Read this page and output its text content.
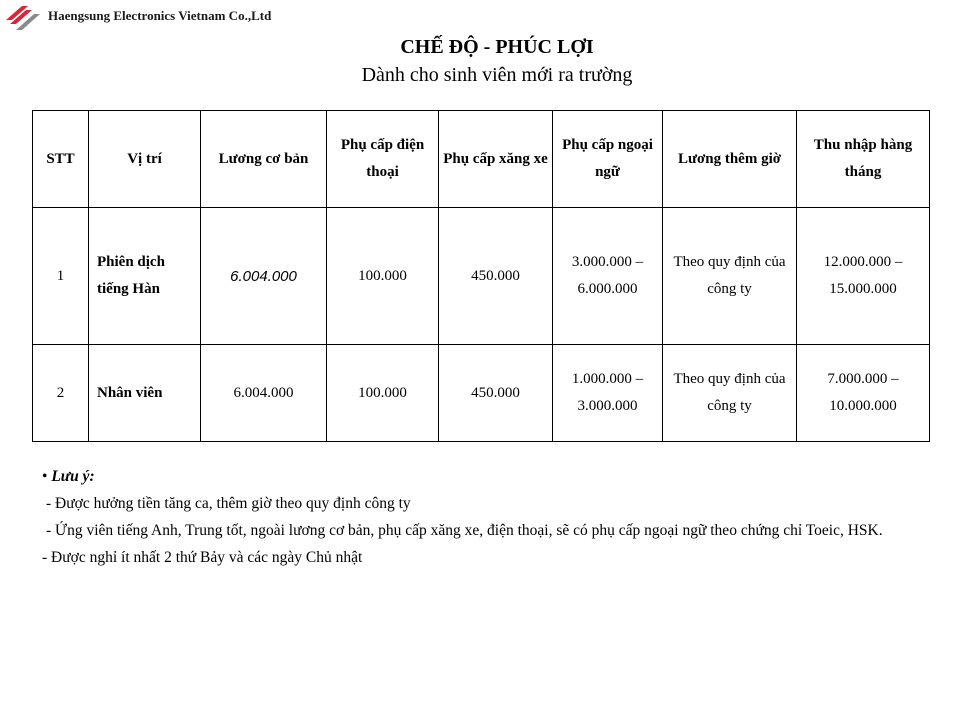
Haengsung Electronics Vietnam Co.,Ltd
CHẾ ĐỘ - PHÚC LỢI
Dành cho sinh viên mới ra trường
STT	Vị trí	Lương cơ bản	Phụ cấp điện thoại	Phụ cấp xăng xe	Phụ cấp ngoại ngữ	Lương thêm giờ	Thu nhập hàng tháng
1	Phiên dịch tiếng Hàn	6.004.000	100.000	450.000	3.000.000 – 6.000.000	Theo quy định của công ty	12.000.000 – 15.000.000
2	Nhân viên	6.004.000	100.000	450.000	1.000.000 – 3.000.000	Theo quy định của công ty	7.000.000 – 10.000.000
• Lưu ý:
- Được hưởng tiền tăng ca, thêm giờ theo quy định công ty
- Ứng viên tiếng Anh, Trung tốt, ngoài lương cơ bản, phụ cấp xăng xe, điện thoại, sẽ có phụ cấp ngoại ngữ theo chứng chỉ Toeic, HSK.
- Được nghỉ ít nhất 2 thứ Bảy và các ngày Chủ nhật
